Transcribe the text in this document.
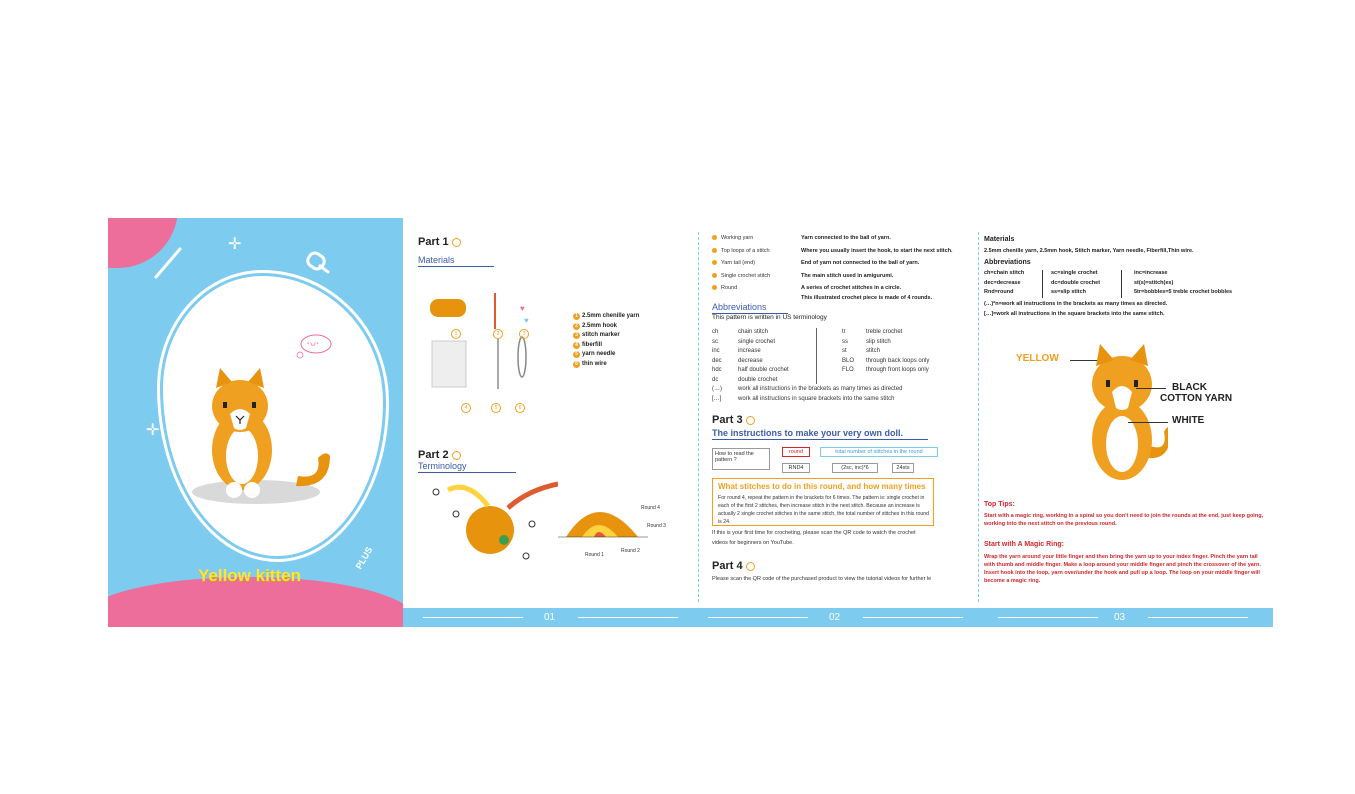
✛
✛
*'ω'*
Yellow kitten
PLUS
Part 1
Materials
♥
♥
1	2	3
4	5	6
1 2.5mm chenille yarn
2 2.5mm hook
3 stitch marker
4 fiberfill
5 yarn needle
6 thin wire
Part 2
Terminology
Round 4
Round 3
Round 2
Round 1
Working yarn	Yarn connected to the ball of yarn.
Top loops of a stitch	Where you usually insert the hook, to start the next stitch.
Yarn tail (end)	End of yarn not connected to the ball of yarn.
Single crochet stitch	The main stitch used in amigurumi.
Round	A series of crochet stitches in a circle.
This illustrated crochet piece is made of 4 rounds.
Abbreviations
This pattern is written in US terminology
ch	chain stitch
sc	single crochet
inc	increase
dec	decrease
hdc	half double crochet
dc	double crochet
(…)	work all instructions in the brackets as many times as directed
[…]	work all instructions in square brackets into the same stitch
tr	treble crochet
ss	slip stitch
st	stitch
BLO through back loops only
FLO through front loops only
Part 3
The instructions to make your very own doll.
How to read the pattern ?
round	total number of stitches in the round
RND4	(2sc, inc)*6	24sts
What stitches to do in this round, and how many times
For round 4, repeat the pattern in the brackets for 6 times. The pattern is: single crochet in each of the first 2 stitches, then increase stitch in the next stitch. Because an increase is actually 2 single crochet stitches in the same stitch, the total number of stitches in this round is 24.
If this is your first time for crocheting, please scan the QR code to watch the crochet videos for beginners on YouTube.
Part 4
Please scan the QR code of the purchased product to view the tutorial videos for further le
Materials
2.5mm chenille yarn, 2.5mm hook, Stitch marker, Yarn needle, Fiberfill,Thin wire.
Abbreviations
ch=chain stitch
dec=decrease
Rnd=round
sc=single crochet
dc=double crochet
ss=slip stitch
inc=increase
st(s)=stitch(es)
5tr=bobbles=5 treble crochet bobbles
(…)*n=work all instructions in the brackets as many times as directed.
[…]=work all instructions in the square brackets into the same stitch.
YELLOW
BLACK
COTTON YARN
WHITE
Top Tips:
Start with a magic ring, working in a spiral so you don't need to join the rounds at the end, just keep going, working into the next stitch on the previous round.
Start with A Magic Ring:
Wrap the yarn around your little finger and then bring the yarn up to your index finger. Pinch the yarn tail with thumb and middle finger. Make a loop around your middle finger and pinch the crossover of the yarn. Insert hook into the loop, yarn over/under the hook and pull up a loop. The loop on your middle finger will become a magic ring.
GUIDE PAGE
01	02	03
